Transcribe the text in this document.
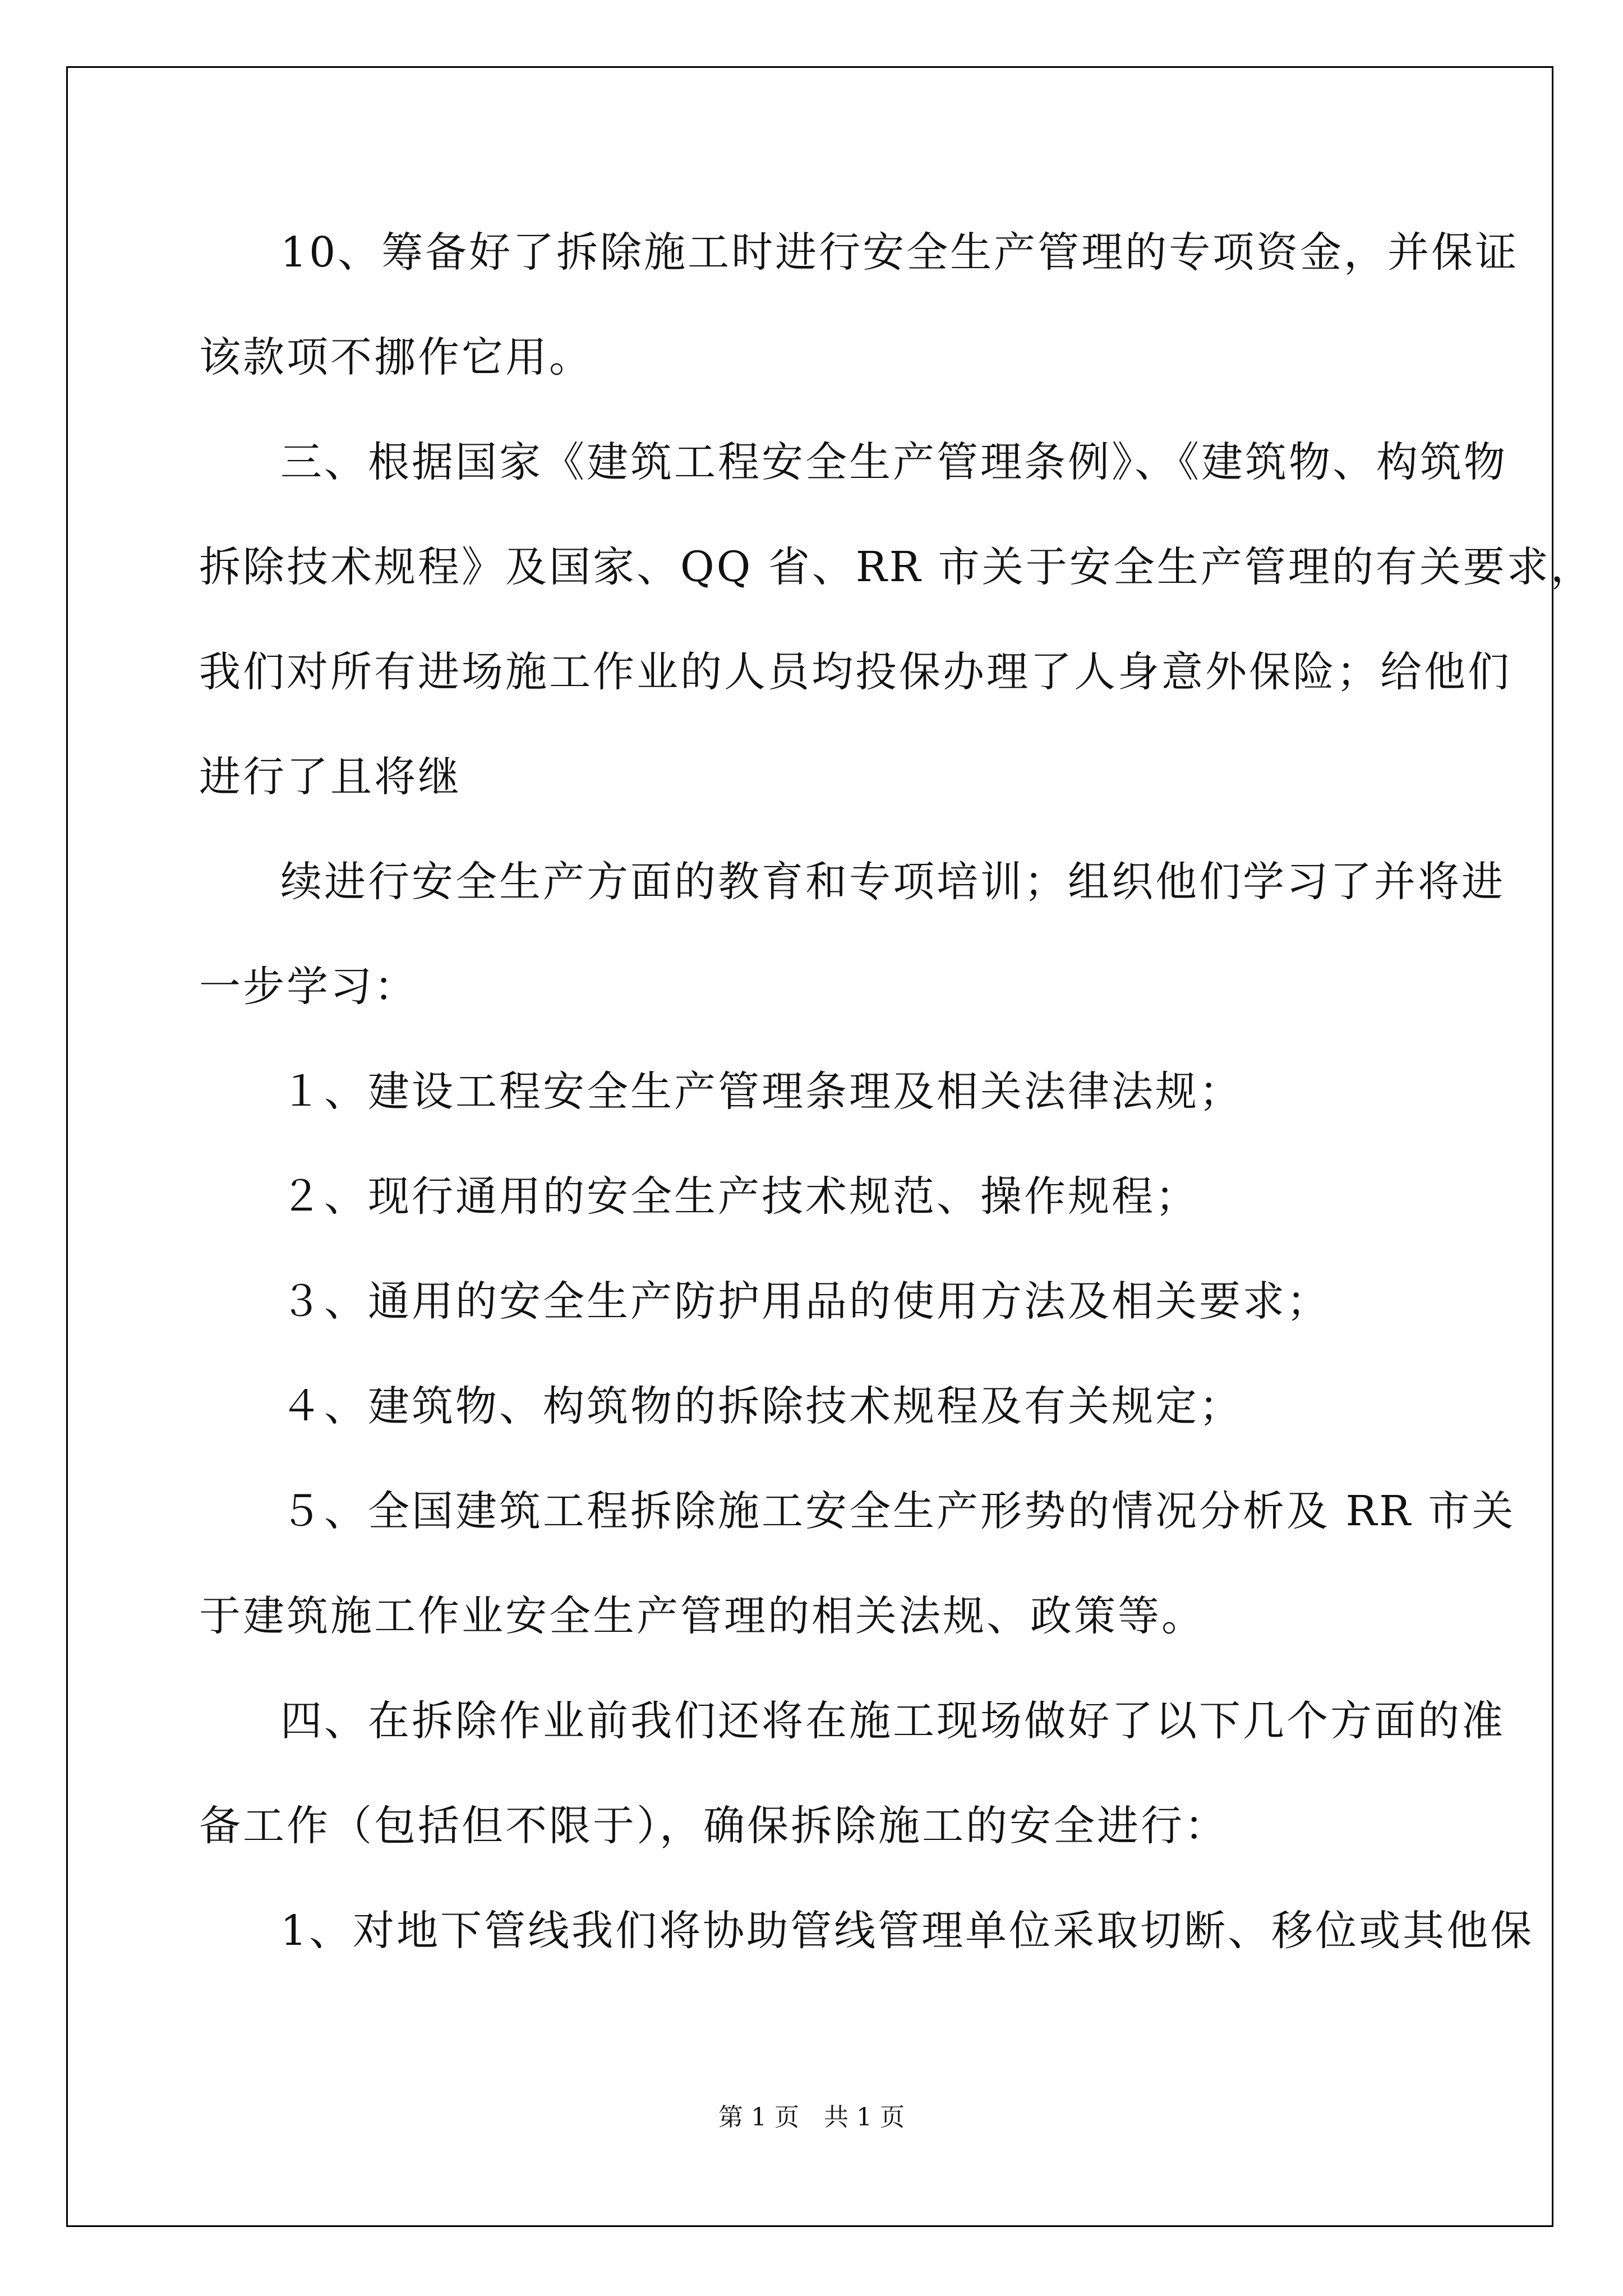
10、筹备好了拆除施工时进行安全生产管理的专项资金，并保证
该款项不挪作它用。
三、根据国家《建筑工程安全生产管理条例》、《建筑物、构筑物
拆除技术规程》及国家、QQ 省、RR 市关于安全生产管理的有关要求，
我们对所有进场施工作业的人员均投保办理了人身意外保险；给他们
进行了且将继
续进行安全生产方面的教育和专项培训；组织他们学习了并将进
一步学习：
１、建设工程安全生产管理条理及相关法律法规；
２、现行通用的安全生产技术规范、操作规程；
３、通用的安全生产防护用品的使用方法及相关要求；
４、建筑物、构筑物的拆除技术规程及有关规定；
５、全国建筑工程拆除施工安全生产形势的情况分析及 RR 市关
于建筑施工作业安全生产管理的相关法规、政策等。
四、在拆除作业前我们还将在施工现场做好了以下几个方面的准
备工作（包括但不限于），确保拆除施工的安全进行：
1、对地下管线我们将协助管线管理单位采取切断、移位或其他保
第 1 页　共 1 页
